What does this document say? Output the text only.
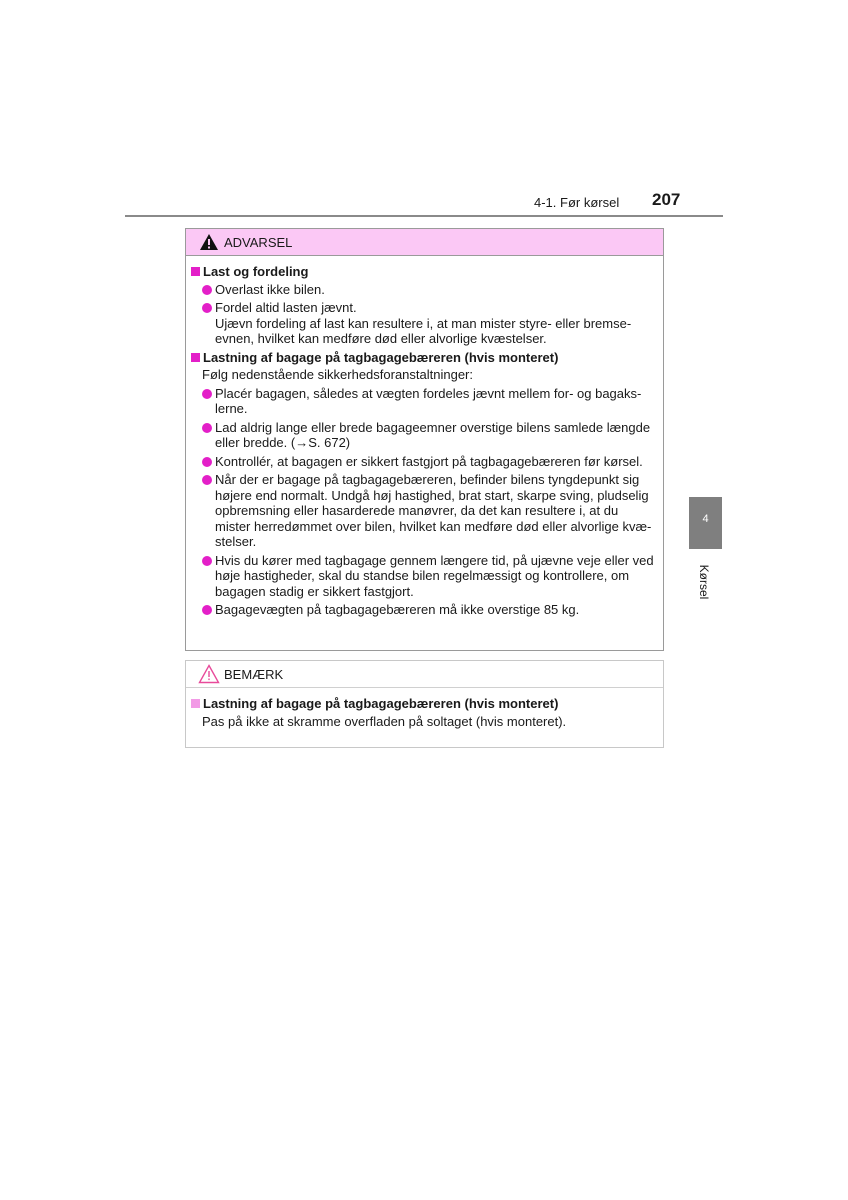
4-1. Før kørsel 207
4
Kørsel
ADVARSEL
Last og fordeling
Overlast ikke bilen.
Fordel altid lasten jævnt.
Ujævn fordeling af last kan resultere i, at man mister styre- eller bremse-evnen, hvilket kan medføre død eller alvorlige kvæstelser.
Lastning af bagage på tagbagagebæreren (hvis monteret)
Følg nedenstående sikkerhedsforanstaltninger:
Placér bagagen, således at vægten fordeles jævnt mellem for- og bagaks-lerne.
Lad aldrig lange eller brede bagageemner overstige bilens samlede længde eller bredde. (→S. 672)
Kontrollér, at bagagen er sikkert fastgjort på tagbagagebæreren før kørsel.
Når der er bagage på tagbagagebæreren, befinder bilens tyngdepunkt sig højere end normalt. Undgå høj hastighed, brat start, skarpe sving, pludselig opbremsning eller hasarderede manøvrer, da det kan resultere i, at du mister herredømmet over bilen, hvilket kan medføre død eller alvorlige kvæ-stelser.
Hvis du kører med tagbagage gennem længere tid, på ujævne veje eller ved høje hastigheder, skal du standse bilen regelmæssigt og kontrollere, om bagagen stadig er sikkert fastgjort.
Bagagevægten på tagbagagebæreren må ikke overstige 85 kg.
BEMÆRK
Lastning af bagage på tagbagagebæreren (hvis monteret)
Pas på ikke at skramme overfladen på soltaget (hvis monteret).
